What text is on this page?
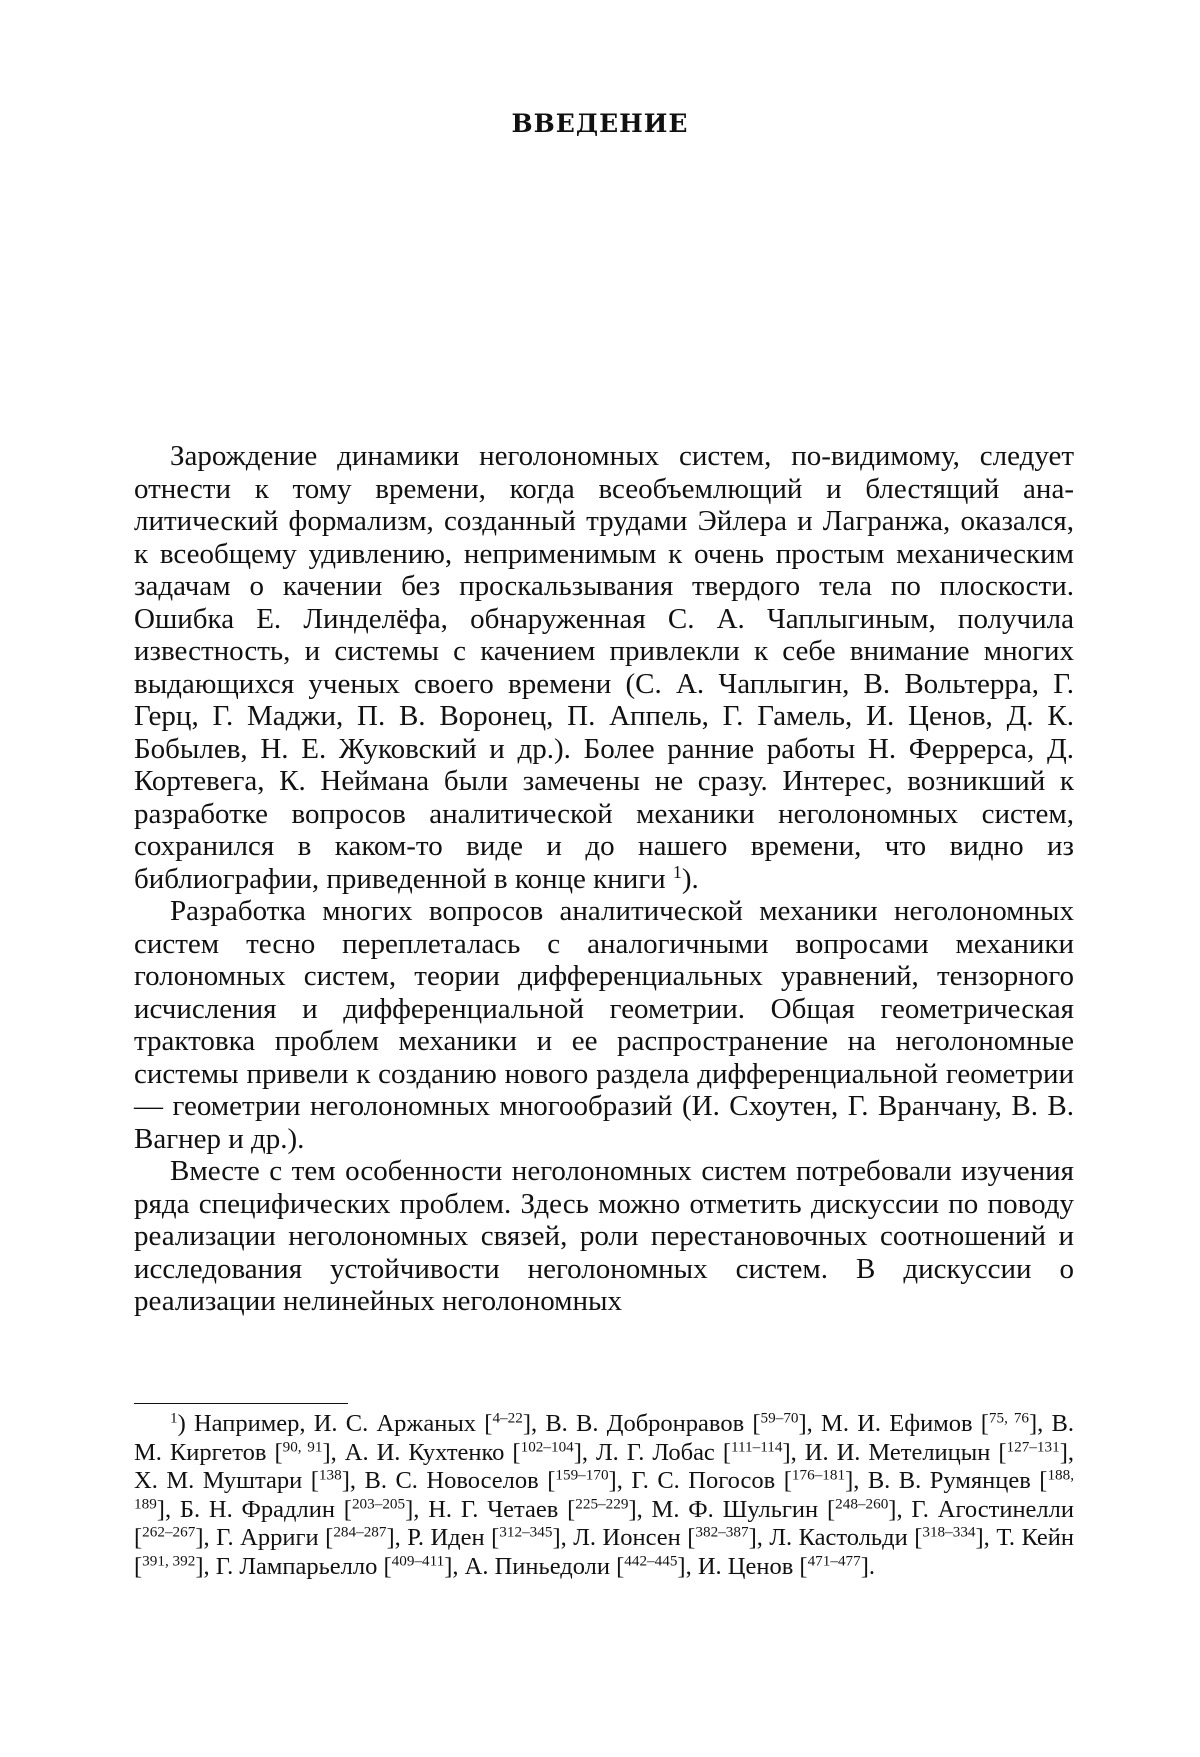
ВВЕДЕНИЕ

Зарождение динамики неголономных систем, по-видимому, следует отнести к тому времени, когда всеобъемлющий и блестящий аналитический формализм, созданный трудами Эйлера и Лагранжа, оказался, к всеобщему удивлению, неприменимым к очень простым механическим задачам о качении без проскальзывания твердого тела по плоскости. Ошибка Е. Линделёфа, обнаруженная С. А. Чаплыгиным, получила известность, и системы с качением привлекли к себе внимание многих выдающихся ученых своего времени (С. А. Чаплыгин, В. Вольтерра, Г. Герц, Г. Маджи, П. В. Воронец, П. Аппель, Г. Гамель, И. Ценов, Д. К. Бобылев, Н. Е. Жуковский и др.). Более ранние работы Н. Феррерса, Д. Кортевега, К. Неймана были замечены не сразу. Интерес, возникший к разработке вопросов аналитической механики неголономных систем, сохранился в каком-то виде и до нашего времени, что видно из библиографии, приведенной в конце книги $^1$).

Разработка многих вопросов аналитической механики неголономных систем тесно переплеталась с аналогичными вопросами механики голономных систем, теории дифференциальных уравнений, тензорного исчисления и дифференциальной геометрии. Общая геометрическая трактовка проблем механики и ее распространение на неголономные системы привели к созданию нового раздела дифференциальной геометрии — геометрии неголономных многообразий (И. Схоутен, Г. Вранчану, В. В. Вагнер и др.).

Вместе с тем особенности неголономных систем потребовали изучения ряда специфических проблем. Здесь можно отметить дискуссии по поводу реализации неголономных связей, роли перестановочных соотношений и исследования устойчивости неголономных систем. В дискуссии о реализации нелинейных неголономных

$^1$) Например, И. С. Аржаных [$^{4-22}$], В. В. Добронравов [$^{59-70}$], М. И. Ефимов [$^{75, 76}$], В. М. Киргетов [$^{90, 91}$], А. И. Кухтенко [$^{102-104}$], Л. Г. Лобас [$^{111-114}$], И. И. Метелицын [$^{127-131}$], Х. М. Муштари [$^{138}$], В. С. Новоселов [$^{159-170}$], Г. С. Погосов [$^{176-181}$], В. В. Румянцев [$^{188, 189}$], Б. Н. Фрадлин [$^{203-205}$], Н. Г. Четаев [$^{225-229}$], М. Ф. Шульгин [$^{248-260}$], Г. Агостинелли [$^{262-267}$], Г. Арриги [$^{284-287}$], Р. Иден [$^{312-345}$], Л. Ионсен [$^{382-387}$], Л. Кастольди [$^{318-334}$], Т. Кейн [$^{391, 392}$], Г. Лампарьелло [$^{409-411}$], А. Пиньедоли [$^{442-445}$], И. Ценов [$^{471-477}$].
